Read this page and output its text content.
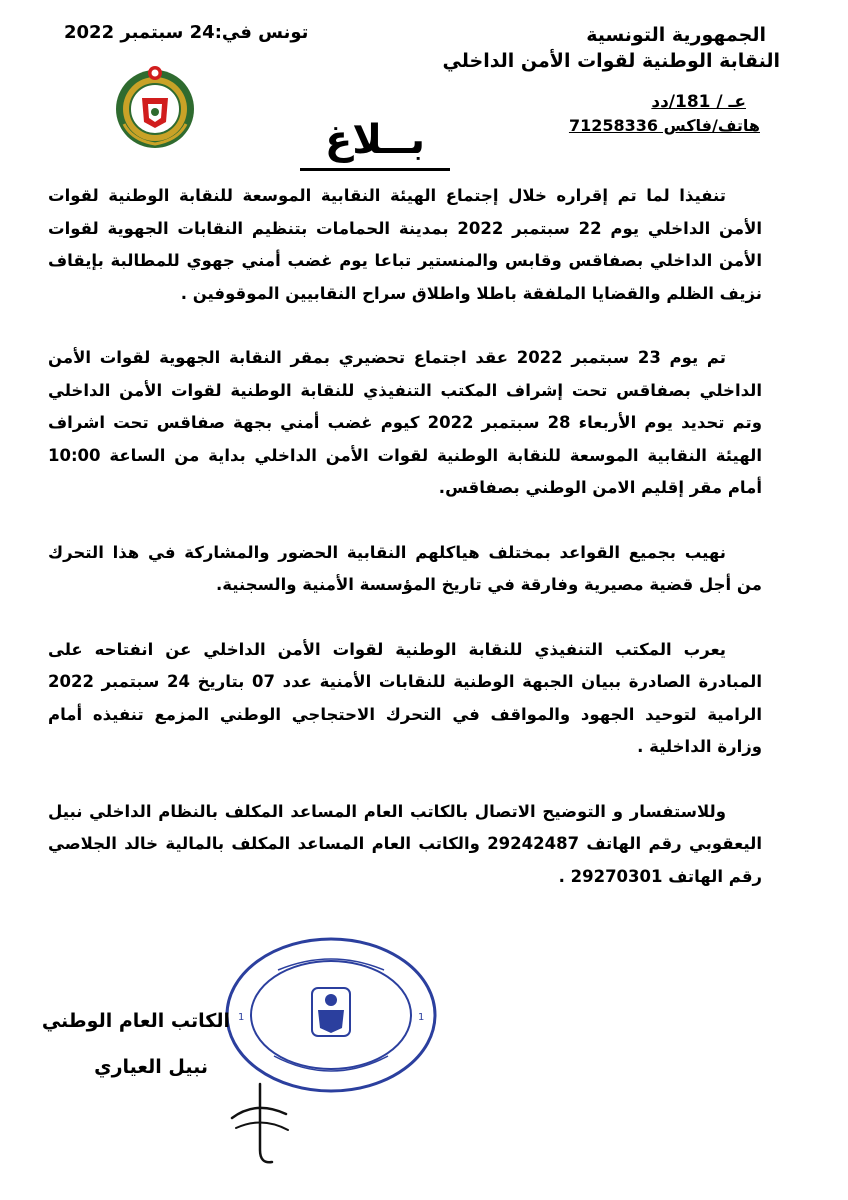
الجمهورية التونسية
النقابة الوطنية لقوات الأمن الداخلي
عـ / 181/دد
هاتف/فاكس 71258336
تونس في:24 سبتمبر 2022
بــلاغ

تنفيذا لما تم إقراره خلال إجتماع الهيئة النقابية الموسعة للنقابة الوطنية لقوات الأمن الداخلي يوم 22 سبتمبر 2022 بمدينة الحمامات بتنظيم النقابات الجهوية لقوات الأمن الداخلي بصفاقس وقابس والمنستير تباعا يوم غضب أمني جهوي للمطالبة بإيقاف نزيف الظلم والقضايا الملفقة باطلا واطلاق سراح النقابيين الموقوفين .

تم يوم 23 سبتمبر 2022 عقد اجتماع تحضيري بمقر النقابة الجهوية لقوات الأمن الداخلي بصفاقس تحت إشراف المكتب التنفيذي للنقابة الوطنية لقوات الأمن الداخلي وتم تحديد يوم الأربعاء 28 سبتمبر 2022 كيوم غضب أمني بجهة صفاقس تحت اشراف الهيئة النقابية الموسعة للنقابة الوطنية لقوات الأمن الداخلي بداية من الساعة 10:00 أمام مقر إقليم الامن الوطني بصفاقس.

نهيب بجميع القواعد بمختلف هياكلهم النقابية الحضور والمشاركة في هذا التحرك من أجل قضية مصيرية وفارقة في تاريخ المؤسسة الأمنية والسجنية.

يعرب المكتب التنفيذي للنقابة الوطنية لقوات الأمن الداخلي عن انفتاحه على المبادرة الصادرة ببيان الجبهة الوطنية للنقابات الأمنية عدد 07 بتاريخ 24 سبتمبر 2022 الرامية لتوحيد الجهود والمواقف في التحرك الاحتجاجي الوطني المزمع تنفيذه أمام وزارة الداخلية .

وللاستفسار و التوضيح الاتصال بالكاتب العام المساعد المكلف بالنظام الداخلي نبيل اليعقوبي رقم الهاتف 29242487 والكاتب العام المساعد المكلف بالمالية خالد الجلاصي رقم الهاتف 29270301 .

1	1
الكاتب العام الوطني
نبيل العياري
